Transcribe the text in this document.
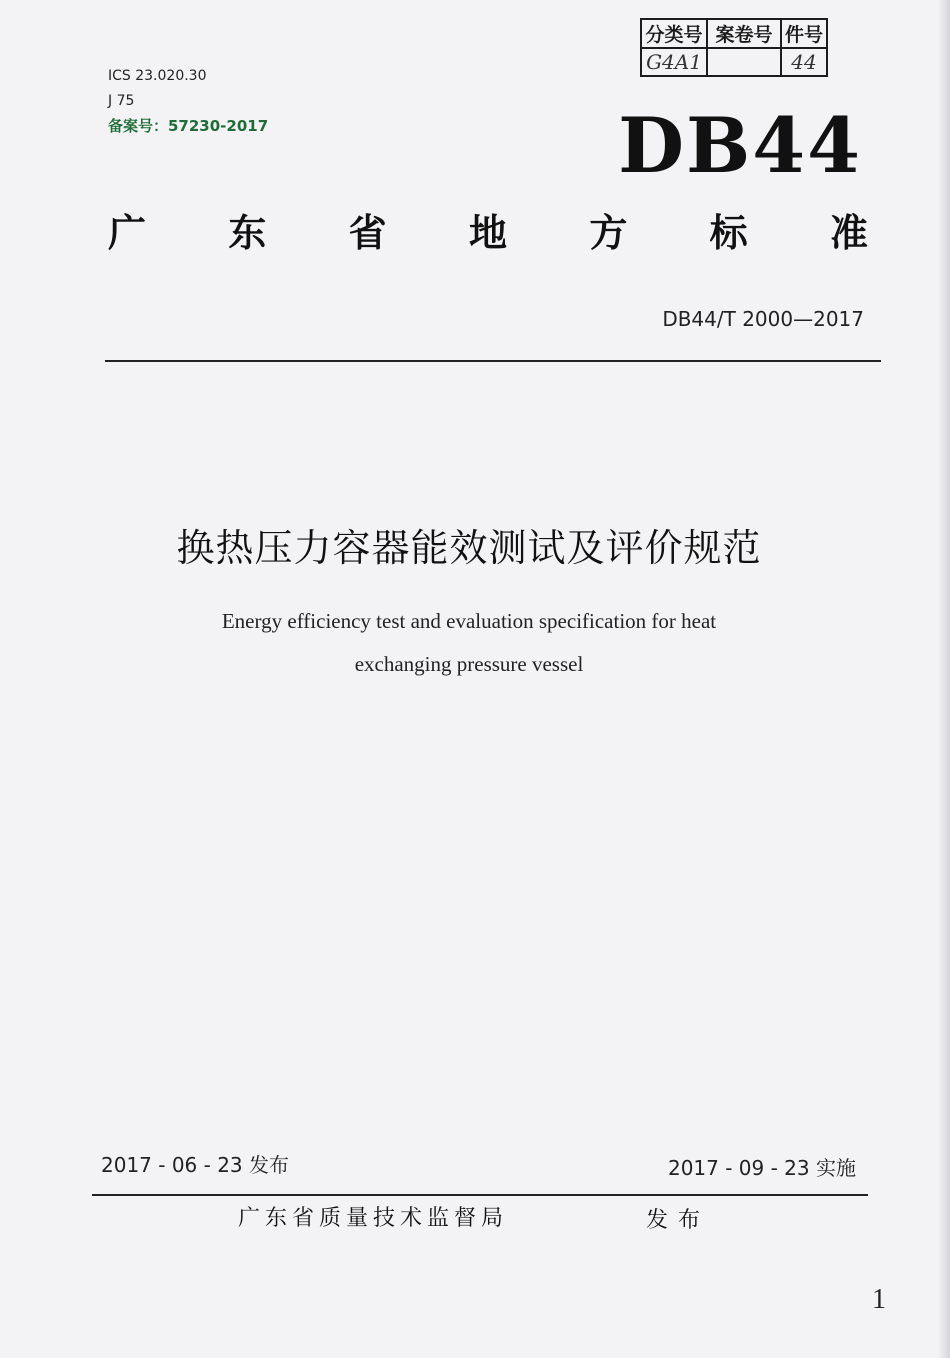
ICS 23.020.30
J 75
备案号：57230-2017
分类号	案卷号	件号
G4A1		44
DB44
广 东 省 地 方 标 准
DB44/T 2000—2017
换热压力容器能效测试及评价规范
Energy efficiency test and evaluation specification for heat
exchanging pressure vessel
2017 - 06 - 23 发布	2017 - 09 - 23 实施
广东省质量技术监督局	发布
1
